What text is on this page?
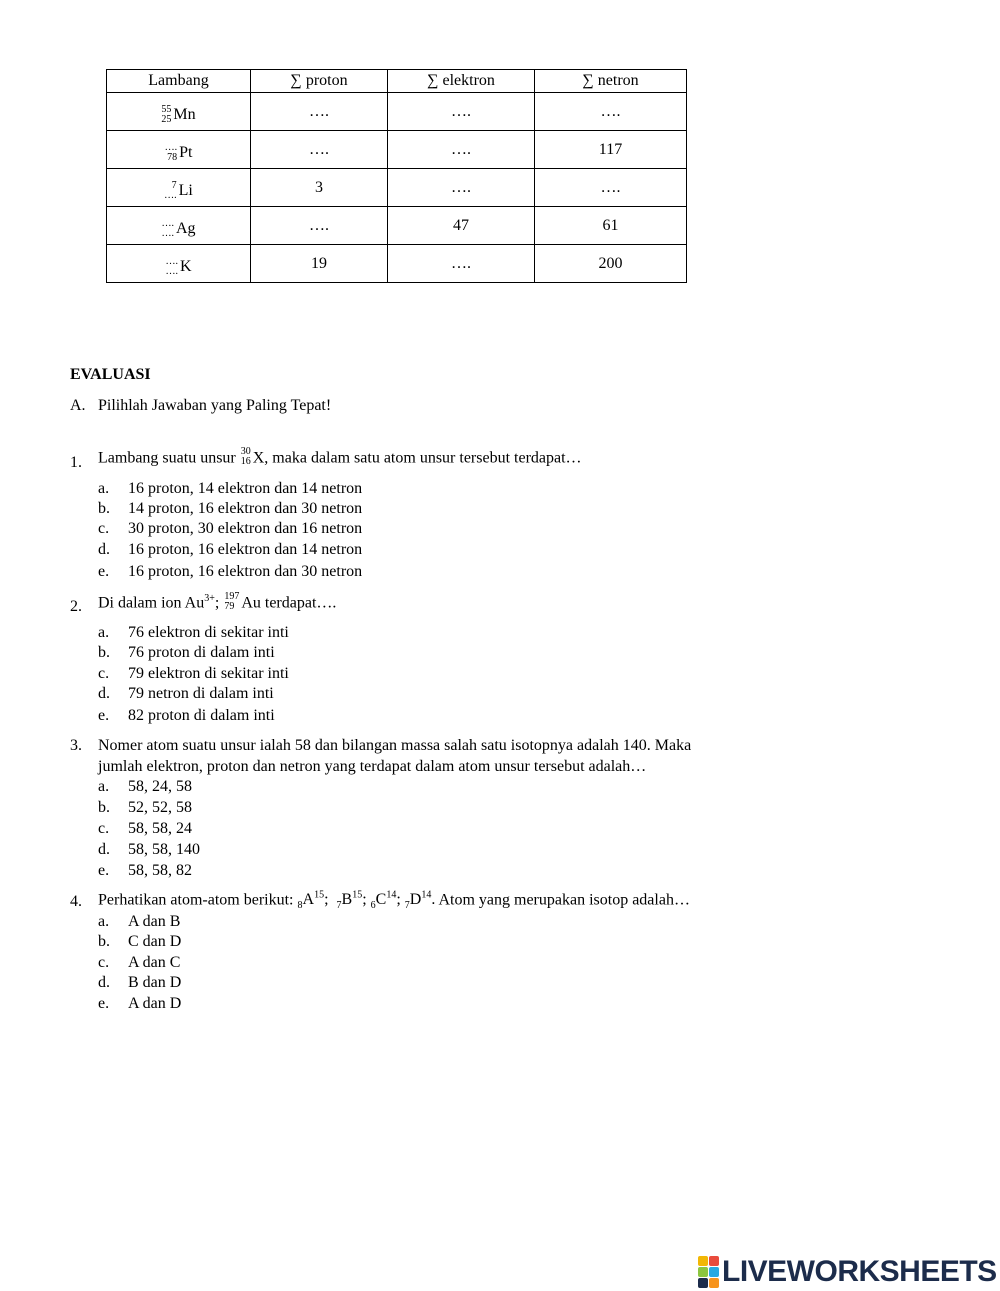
Lambang	∑ proton	∑ elektron	∑ netron

55
25 Mn	….	….	….

….
78 Pt	….	….	117

7
…. Li	3	….	….

….
…. Ag	….	47	61

….
…. K	19	….	200
EVALUASI
A. Pilihlah Jawaban yang Paling Tepat!
1. Lambang suatu unsur 30
16 X, maka dalam satu atom unsur tersebut terdapat…
a. 16 proton, 14 elektron dan 14 netron
b. 14 proton, 16 elektron dan 30 netron
c. 30 proton, 30 elektron dan 16 netron
d. 16 proton, 16 elektron dan 14 netron
e. 16 proton, 16 elektron dan 30 netron
2. Di dalam ion $Au^{3+}$; 197
79 Au terdapat….
a. 76 elektron di sekitar inti
b. 76 proton di dalam inti
c. 79 elektron di sekitar inti
d. 79 netron di dalam inti
e. 82 proton di dalam inti
3. Nomer atom suatu unsur ialah 58 dan bilangan massa salah satu isotopnya adalah 140. Maka
jumlah elektron, proton dan netron yang terdapat dalam atom unsur tersebut adalah…
a. 58, 24, 58
b. 52, 52, 58
c. 58, 58, 24
d. 58, 58, 140
e. 58, 58, 82
4. Perhatikan atom-atom berikut: $_8A^{15}$; $_7B^{15}$; $_6C^{14}$; $_7D^{14}$. Atom yang merupakan isotop adalah…
a. A dan B
b. C dan D
c. A dan C
d. B dan D
e. A dan D
LIVEWORKSHEETS
